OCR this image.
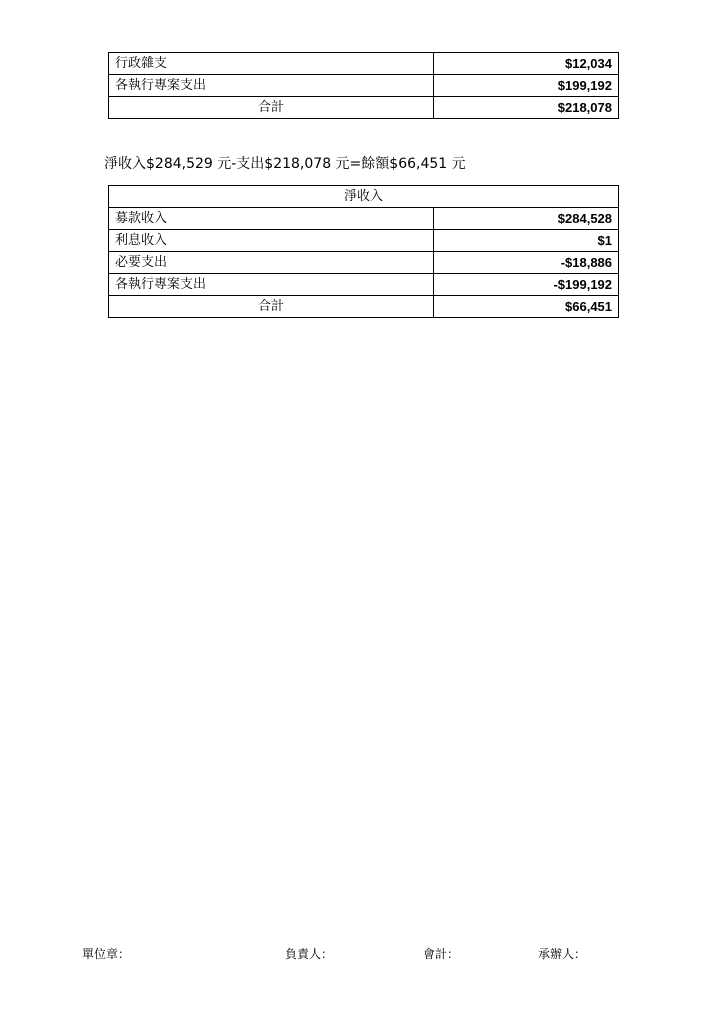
行政雜支	$12,034
各執行專案支出	$199,192
合計	$218,078
淨收入$284,529 元-支出$218,078 元=餘額$66,451 元
淨收入	
募款收入	$284,528
利息收入	$1
必要支出	-$18,886
各執行專案支出	-$199,192
合計	$66,451
單位章：	負責人：	會計：	承辦人：
